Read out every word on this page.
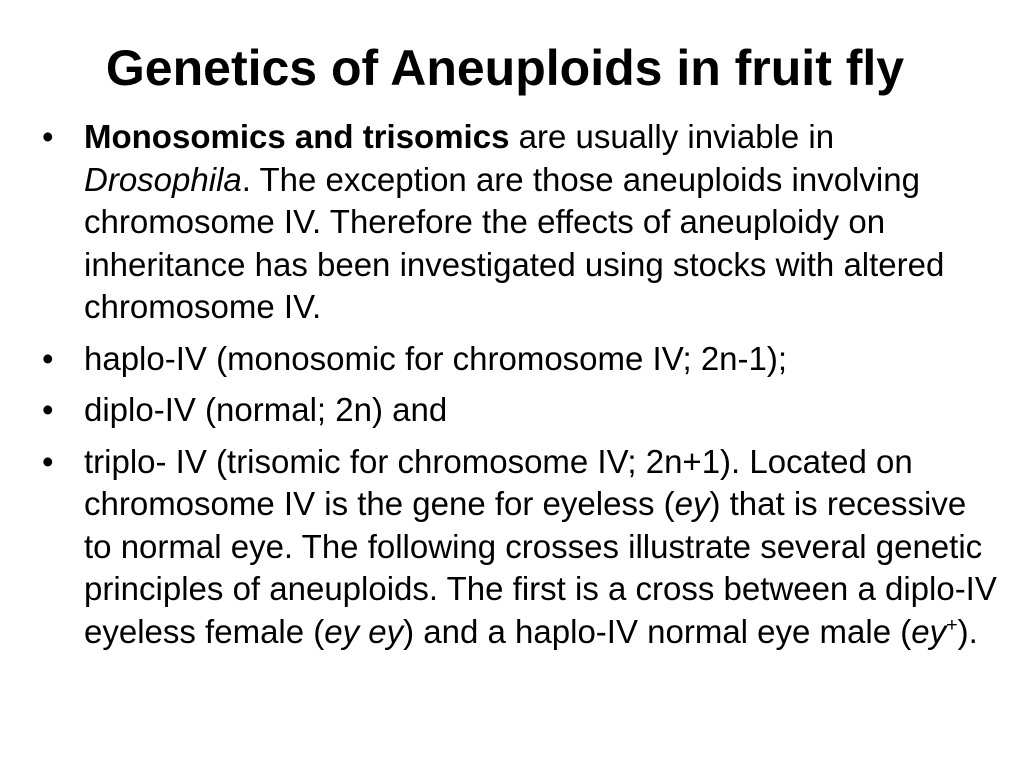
Genetics of Aneuploids in fruit fly
• Monosomics and trisomics are usually inviable in Drosophila. The exception are those aneuploids involving chromosome IV. Therefore the effects of aneuploidy on inheritance has been investigated using stocks with altered chromosome IV.
• haplo-IV (monosomic for chromosome IV; 2n-1);
• diplo-IV (normal; 2n) and
• triplo- IV (trisomic for chromosome IV; 2n+1). Located on chromosome IV is the gene for eyeless (ey) that is recessive to normal eye. The following crosses illustrate several genetic principles of aneuploids. The first is a cross between a diplo-IV eyeless female (ey ey) and a haplo-IV normal eye male (ey+).
